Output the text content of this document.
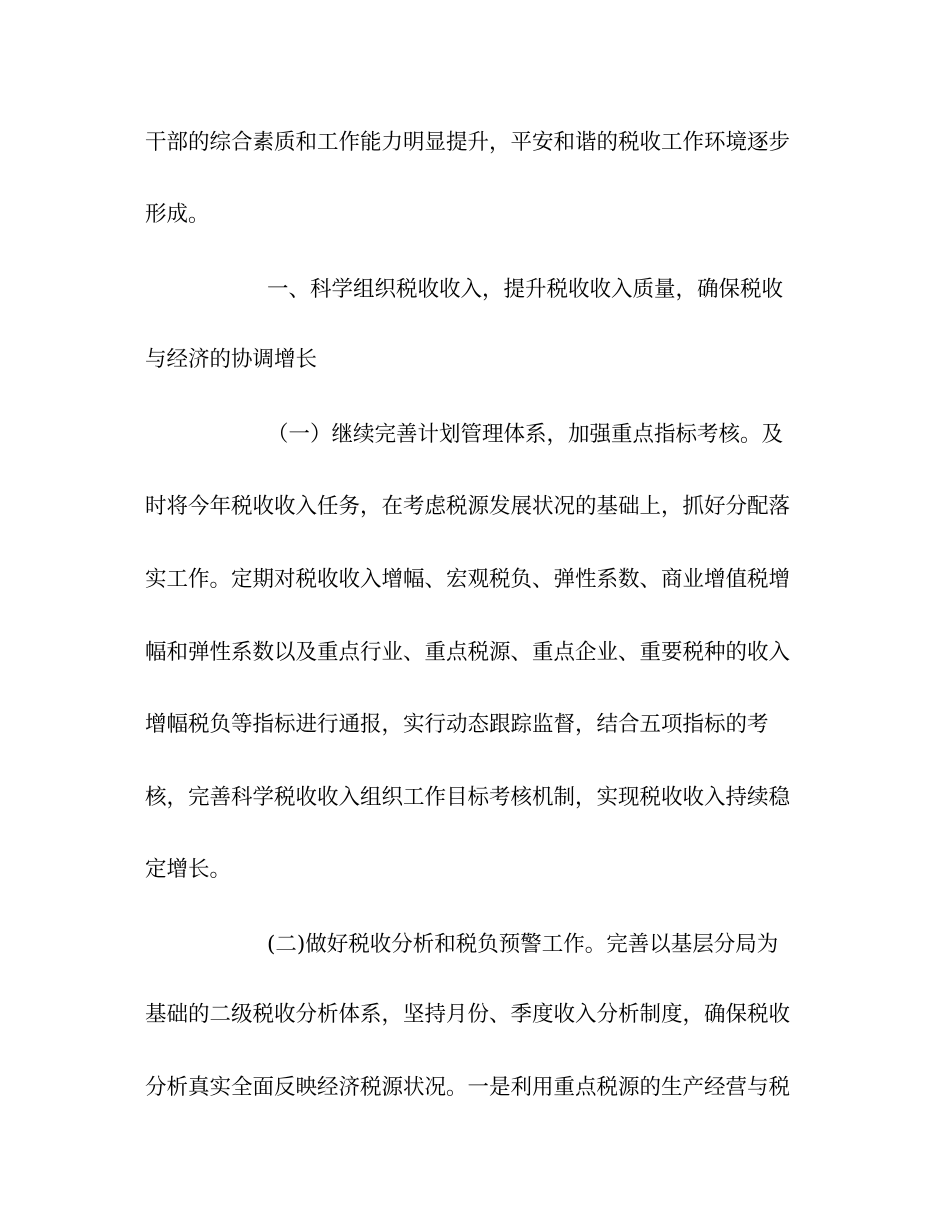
干部的综合素质和工作能力明显提升，平安和谐的税收工作环境逐步
形成。
一、科学组织税收收入，提升税收收入质量，确保税收
与经济的协调增长
（一）继续完善计划管理体系，加强重点指标考核。及
时将今年税收收入任务，在考虑税源发展状况的基础上，抓好分配落
实工作。定期对税收收入增幅、宏观税负、弹性系数、商业增值税增
幅和弹性系数以及重点行业、重点税源、重点企业、重要税种的收入
增幅税负等指标进行通报，实行动态跟踪监督，结合五项指标的考
核，完善科学税收收入组织工作目标考核机制，实现税收收入持续稳
定增长。
(二)做好税收分析和税负预警工作。完善以基层分局为
基础的二级税收分析体系，坚持月份、季度收入分析制度，确保税收
分析真实全面反映经济税源状况。一是利用重点税源的生产经营与税
